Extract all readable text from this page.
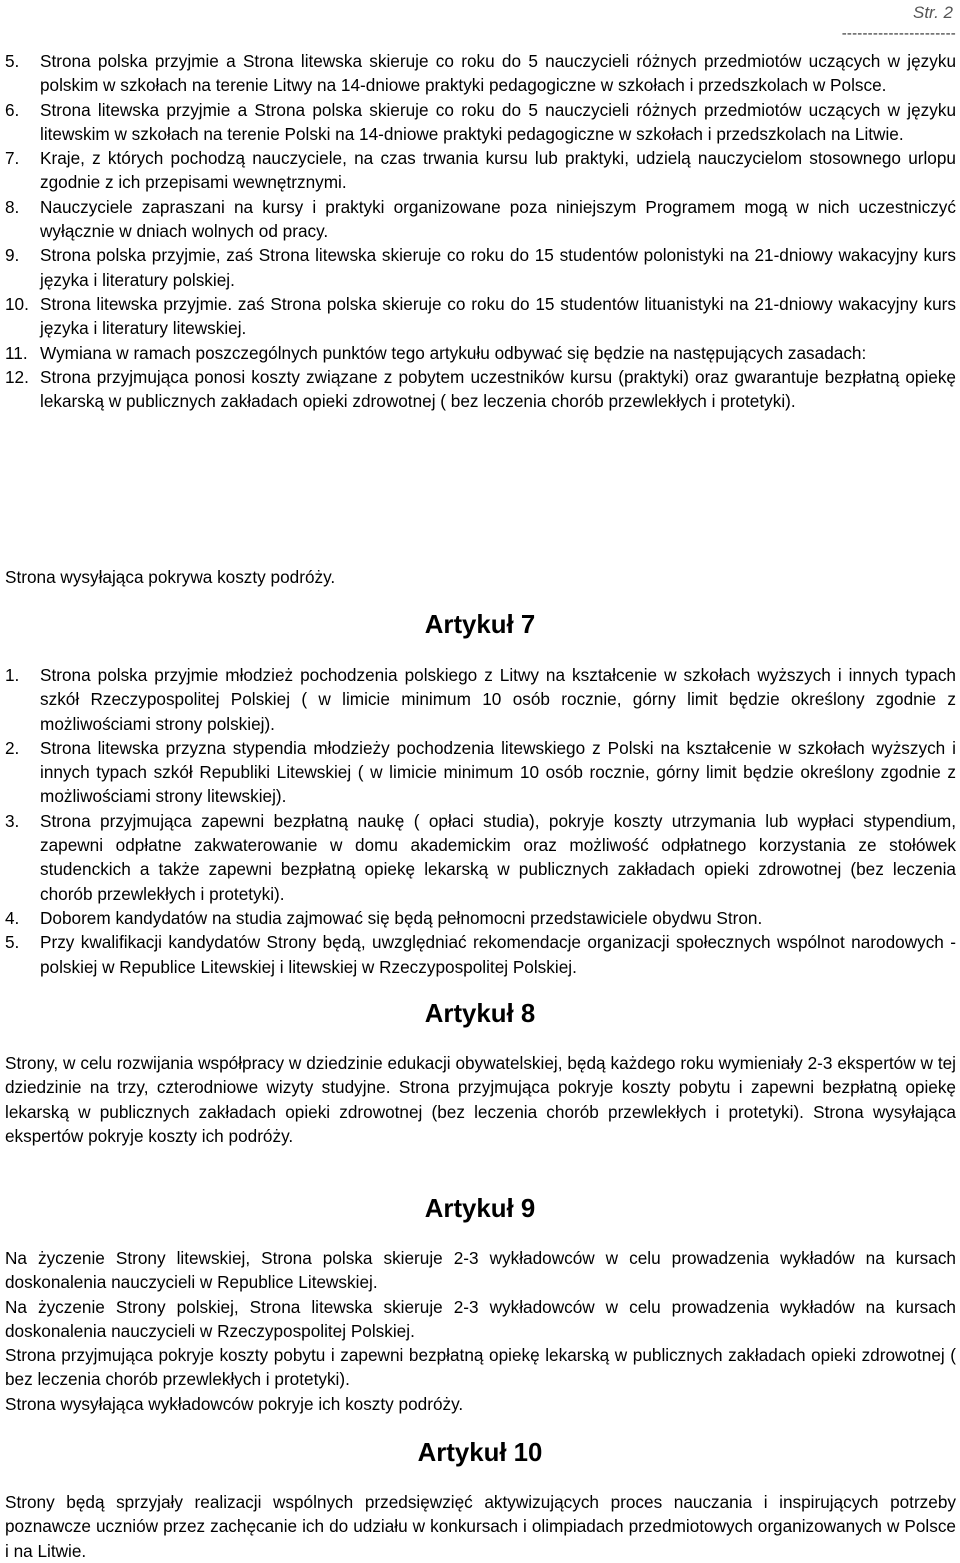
Str. 2
----------------------
5.	Strona polska przyjmie a Strona litewska skieruje co roku do 5 nauczycieli różnych przedmiotów uczących w języku polskim w szkołach na terenie Litwy na 14-dniowe praktyki pedagogiczne w szkołach i przedszkolach w Polsce.
6.	Strona litewska przyjmie a Strona polska skieruje co roku do 5 nauczycieli różnych przedmiotów uczących w języku litewskim w szkołach na terenie Polski na 14-dniowe praktyki pedagogiczne w szkołach i przedszkolach na Litwie.
7.	Kraje, z których pochodzą nauczyciele, na czas trwania kursu lub praktyki, udzielą nauczycielom stosownego urlopu zgodnie z ich przepisami wewnętrznymi.
8.	Nauczyciele zapraszani na kursy i praktyki organizowane poza niniejszym Programem mogą w nich uczestniczyć wyłącznie w dniach wolnych od pracy.
9.	Strona polska przyjmie, zaś Strona litewska skieruje co roku do 15 studentów polonistyki na 21-dniowy wakacyjny kurs języka i literatury polskiej.
10. Strona litewska przyjmie. zaś Strona polska skieruje co roku do 15 studentów lituanistyki na 21-dniowy wakacyjny kurs języka i literatury litewskiej.
11. Wymiana w ramach poszczególnych punktów tego artykułu odbywać się będzie na następujących zasadach:
12. Strona przyjmująca ponosi koszty związane z pobytem uczestników kursu (praktyki) oraz gwarantuje bezpłatną opiekę lekarską w publicznych zakładach opieki zdrowotnej ( bez leczenia chorób przewlekłych i protetyki).

Strona wysyłająca pokrywa koszty podróży.

Artykuł 7
1.	Strona polska przyjmie młodzież pochodzenia polskiego z Litwy na kształcenie w szkołach wyższych i innych typach szkół Rzeczypospolitej Polskiej ( w limicie minimum 10 osób rocznie, górny limit będzie określony zgodnie z możliwościami strony polskiej).
2.	Strona litewska przyzna stypendia młodzieży pochodzenia litewskiego z Polski na kształcenie w szkołach wyższych i innych typach szkół Republiki Litewskiej ( w limicie minimum 10 osób rocznie, górny limit będzie określony zgodnie z możliwościami strony litewskiej).
3.	Strona przyjmująca zapewni bezpłatną naukę ( opłaci studia), pokryje koszty utrzymania lub wypłaci stypendium, zapewni odpłatne zakwaterowanie w domu akademickim oraz możliwość odpłatnego korzystania ze stołówek studenckich a także zapewni bezpłatną opiekę lekarską w publicznych zakładach opieki zdrowotnej (bez leczenia chorób przewlekłych i protetyki).
4.	Doborem kandydatów na studia zajmować się będą pełnomocni przedstawiciele obydwu Stron.
5.	Przy kwalifikacji kandydatów Strony będą, uwzględniać rekomendacje organizacji społecznych wspólnot narodowych - polskiej w Republice Litewskiej i litewskiej w Rzeczypospolitej Polskiej.
Artykuł 8

Strony, w celu rozwijania współpracy w dziedzinie edukacji obywatelskiej, będą każdego roku wymieniały 2-3 ekspertów w tej dziedzinie na trzy, czterodniowe wizyty studyjne. Strona przyjmująca pokryje koszty pobytu i zapewni bezpłatną opiekę lekarską w publicznych zakładach opieki zdrowotnej (bez leczenia chorób przewlekłych i protetyki). Strona wysyłająca ekspertów pokryje koszty ich podróży.

Artykuł 9
Na życzenie Strony litewskiej, Strona polska skieruje 2-3 wykładowców w celu prowadzenia wykładów na kursach doskonalenia nauczycieli w Republice Litewskiej.
Na życzenie Strony polskiej, Strona litewska skieruje 2-3 wykładowców w celu prowadzenia wykładów na kursach doskonalenia nauczycieli w Rzeczypospolitej Polskiej.
Strona przyjmująca pokryje koszty pobytu i zapewni bezpłatną opiekę lekarską w publicznych zakładach opieki zdrowotnej ( bez leczenia chorób przewlekłych i protetyki).
Strona wysyłająca wykładowców pokryje ich koszty podróży.
Artykuł 10

Strony będą sprzyjały realizacji wspólnych przedsięwzięć aktywizujących proces nauczania i inspirujących potrzeby poznawcze uczniów przez zachęcanie ich do udziału w konkursach i olimpiadach przedmiotowych organizowanych w Polsce i na Litwie.
